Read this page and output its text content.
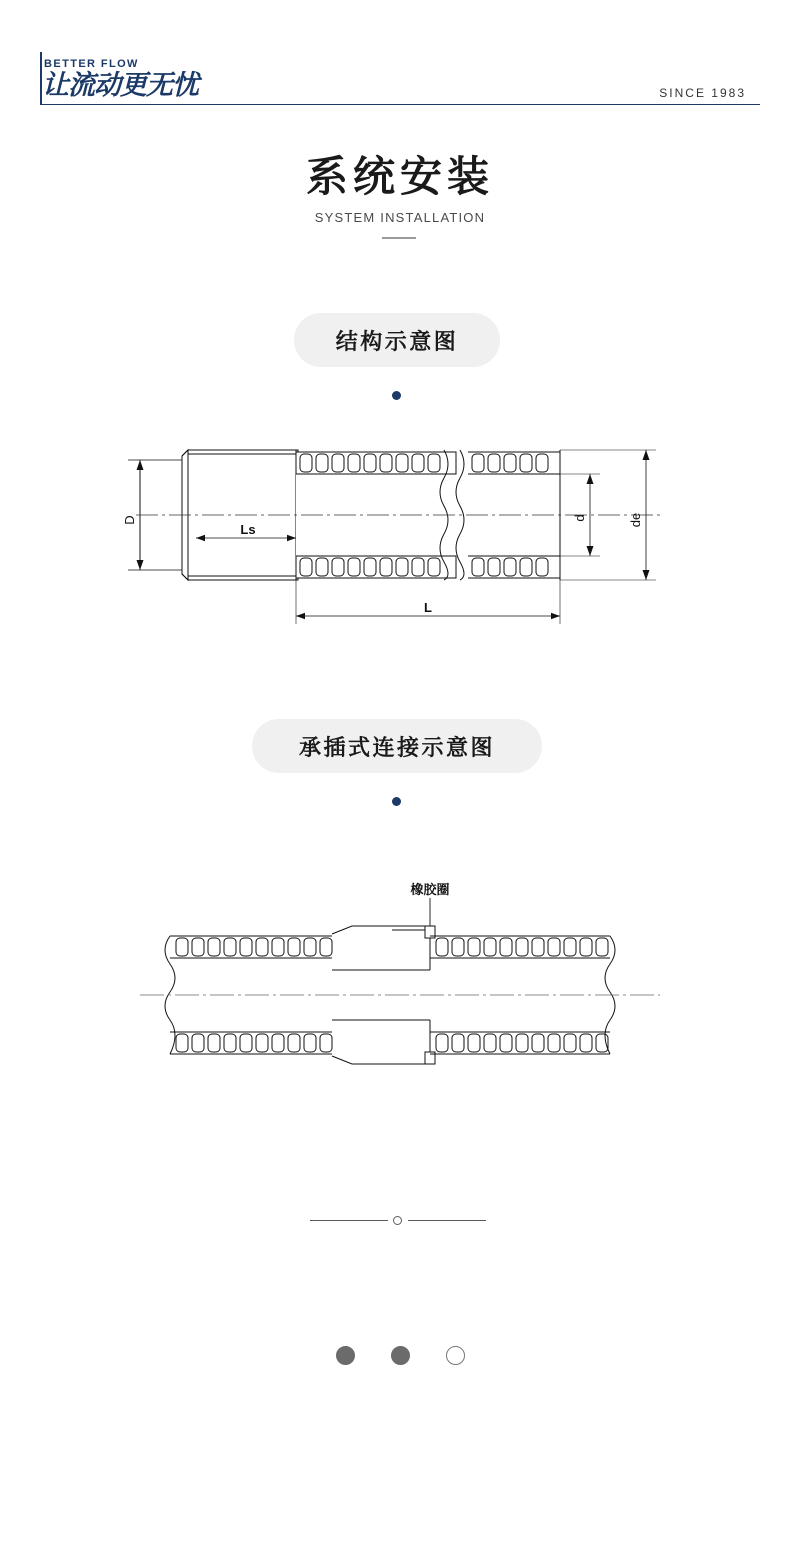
BETTER FLOW
让流动更无忧	SINCE 1983
系统安装
SYSTEM INSTALLATION
结构示意图
D
Ls
d	de
L
承插式连接示意图
橡胶圈
